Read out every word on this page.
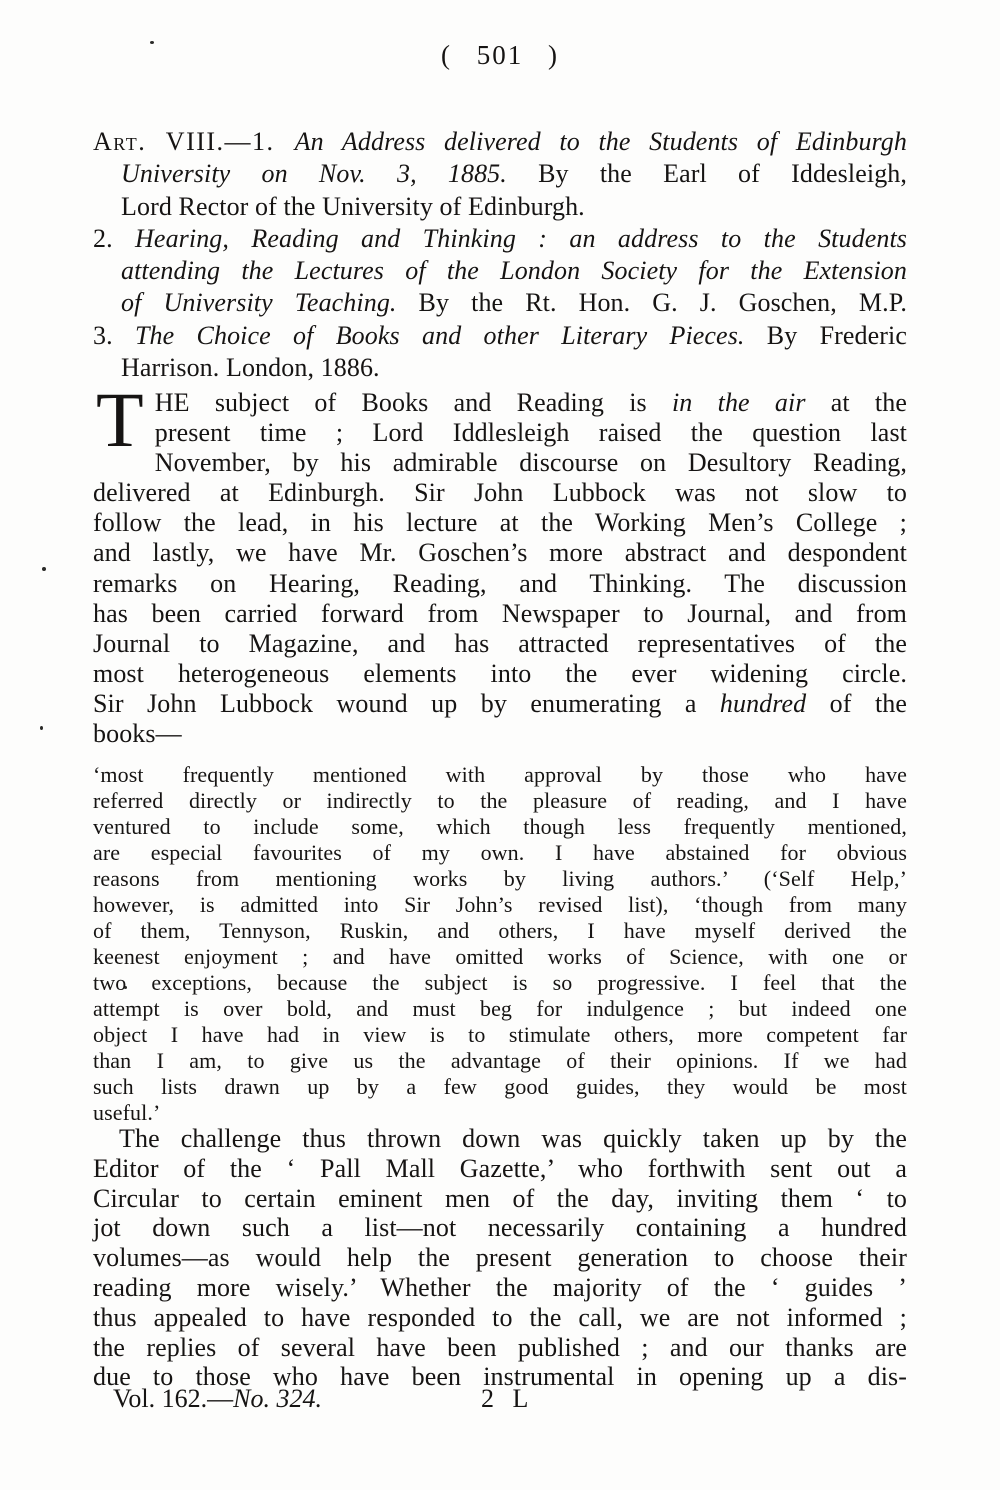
( 501 )
Art. VIII.—1. An Address delivered to the Students of Edinburgh
University on Nov. 3, 1885. By the Earl of Iddesleigh,
Lord Rector of the University of Edinburgh.
2. Hearing, Reading and Thinking : an address to the Students
attending the Lectures of the London Society for the Extension
of University Teaching. By the Rt. Hon. G. J. Goschen, M.P.
3. The Choice of Books and other Literary Pieces. By Frederic
Harrison. London, 1886.
T HE subject of Books and Reading is in the air at the
present time ; Lord Iddlesleigh raised the question last
November, by his admirable discourse on Desultory Reading,
delivered at Edinburgh. Sir John Lubbock was not slow to
follow the lead, in his lecture at the Working Men’s College ;
and lastly, we have Mr. Goschen’s more abstract and despondent
remarks on Hearing, Reading, and Thinking. The discussion
has been carried forward from Newspaper to Journal, and from
Journal to Magazine, and has attracted representatives of the
most heterogeneous elements into the ever widening circle.
Sir John Lubbock wound up by enumerating a hundred of the
books—
‘most frequently mentioned with approval by those who have
referred directly or indirectly to the pleasure of reading, and I have
ventured to include some, which though less frequently mentioned,
are especial favourites of my own. I have abstained for obvious
reasons from mentioning works by living authors.’ (‘Self Help,’
however, is admitted into Sir John’s revised list), ‘though from many
of them, Tennyson, Ruskin, and others, I have myself derived the
keenest enjoyment ; and have omitted works of Science, with one or
two exceptions, because the subject is so progressive. I feel that the
attempt is over bold, and must beg for indulgence ; but indeed one
object I have had in view is to stimulate others, more competent far
than I am, to give us the advantage of their opinions. If we had
such lists drawn up by a few good guides, they would be most
useful.’
The challenge thus thrown down was quickly taken up by the
Editor of the ‘ Pall Mall Gazette,’ who forthwith sent out a
Circular to certain eminent men of the day, inviting them ‘ to
jot down such a list—not necessarily containing a hundred
volumes—as would help the present generation to choose their
reading more wisely.’ Whether the majority of the ‘ guides ’
thus appealed to have responded to the call, we are not informed ;
the replies of several have been published ; and our thanks are
due to those who have been instrumental in opening up a dis-
Vol. 162.—No. 324.	2 L
